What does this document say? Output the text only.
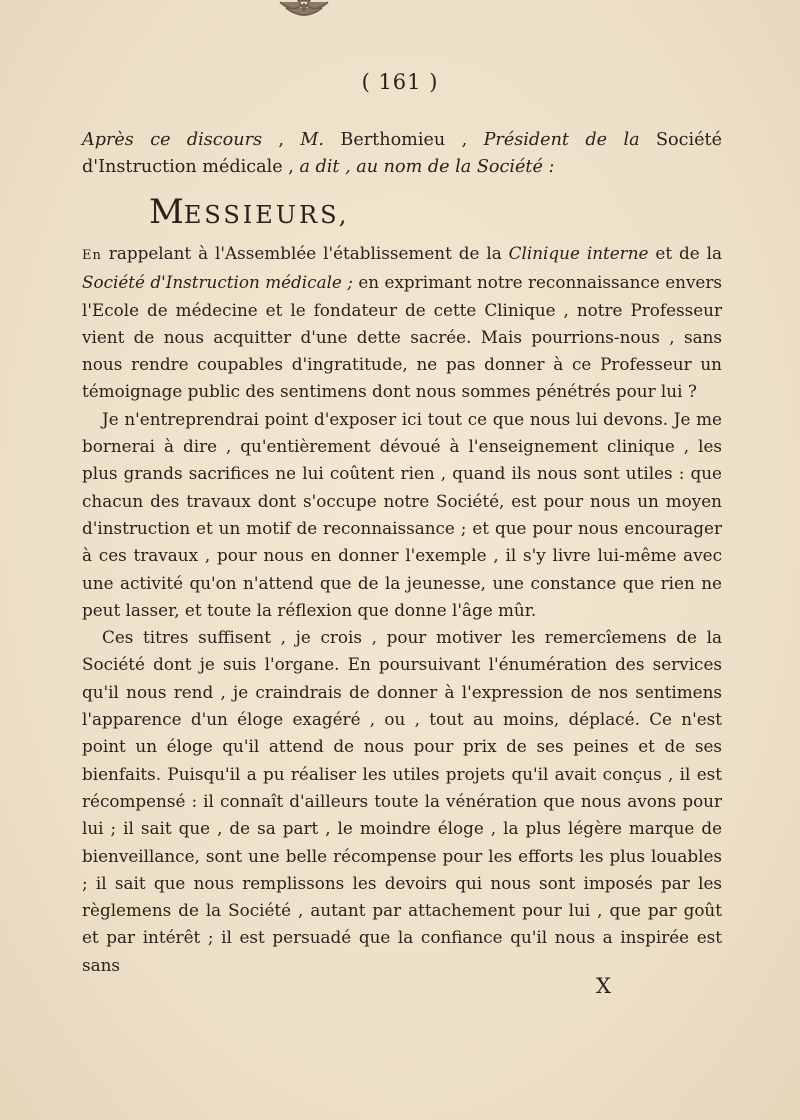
( 161 )

Après ce discours , M. Berthomieu , Président de la Société d'Instruction médicale , a dit , au nom de la Société :

MESSIEURS,

En rappelant à l'Assemblée l'établissement de la Clinique interne et de la Société d'Instruction médicale ; en exprimant notre reconnaissance envers l'Ecole de médecine et le fondateur de cette Clinique , notre Professeur vient de nous acquitter d'une dette sacrée. Mais pourrions-nous , sans nous rendre coupables d'ingratitude, ne pas donner à ce Professeur un témoignage public des sentimens dont nous sommes pénétrés pour lui ?

Je n'entreprendrai point d'exposer ici tout ce que nous lui devons. Je me bornerai à dire , qu'entièrement dévoué à l'enseignement clinique , les plus grands sacrifices ne lui coûtent rien , quand ils nous sont utiles : que chacun des travaux dont s'occupe notre Société, est pour nous un moyen d'instruction et un motif de reconnaissance ; et que pour nous encourager à ces travaux , pour nous en donner l'exemple , il s'y livre lui-même avec une activité qu'on n'attend que de la jeunesse, une constance que rien ne peut lasser, et toute la réflexion que donne l'âge mûr.

Ces titres suffisent , je crois , pour motiver les remercîemens de la Société dont je suis l'organe. En poursuivant l'énumération des services qu'il nous rend , je craindrais de donner à l'expression de nos sentimens l'apparence d'un éloge exagéré , ou , tout au moins, déplacé. Ce n'est point un éloge qu'il attend de nous pour prix de ses peines et de ses bienfaits. Puisqu'il a pu réaliser les utiles projets qu'il avait conçus , il est récompensé : il connaît d'ailleurs toute la vénération que nous avons pour lui ; il sait que , de sa part , le moindre éloge , la plus légère marque de bienveillance, sont une belle récompense pour les efforts les plus louables ; il sait que nous remplissons les devoirs qui nous sont imposés par les règlemens de la Société , autant par attachement pour lui , que par goût et par intérêt ; il est persuadé que la confiance qu'il nous a inspirée est sans

X
